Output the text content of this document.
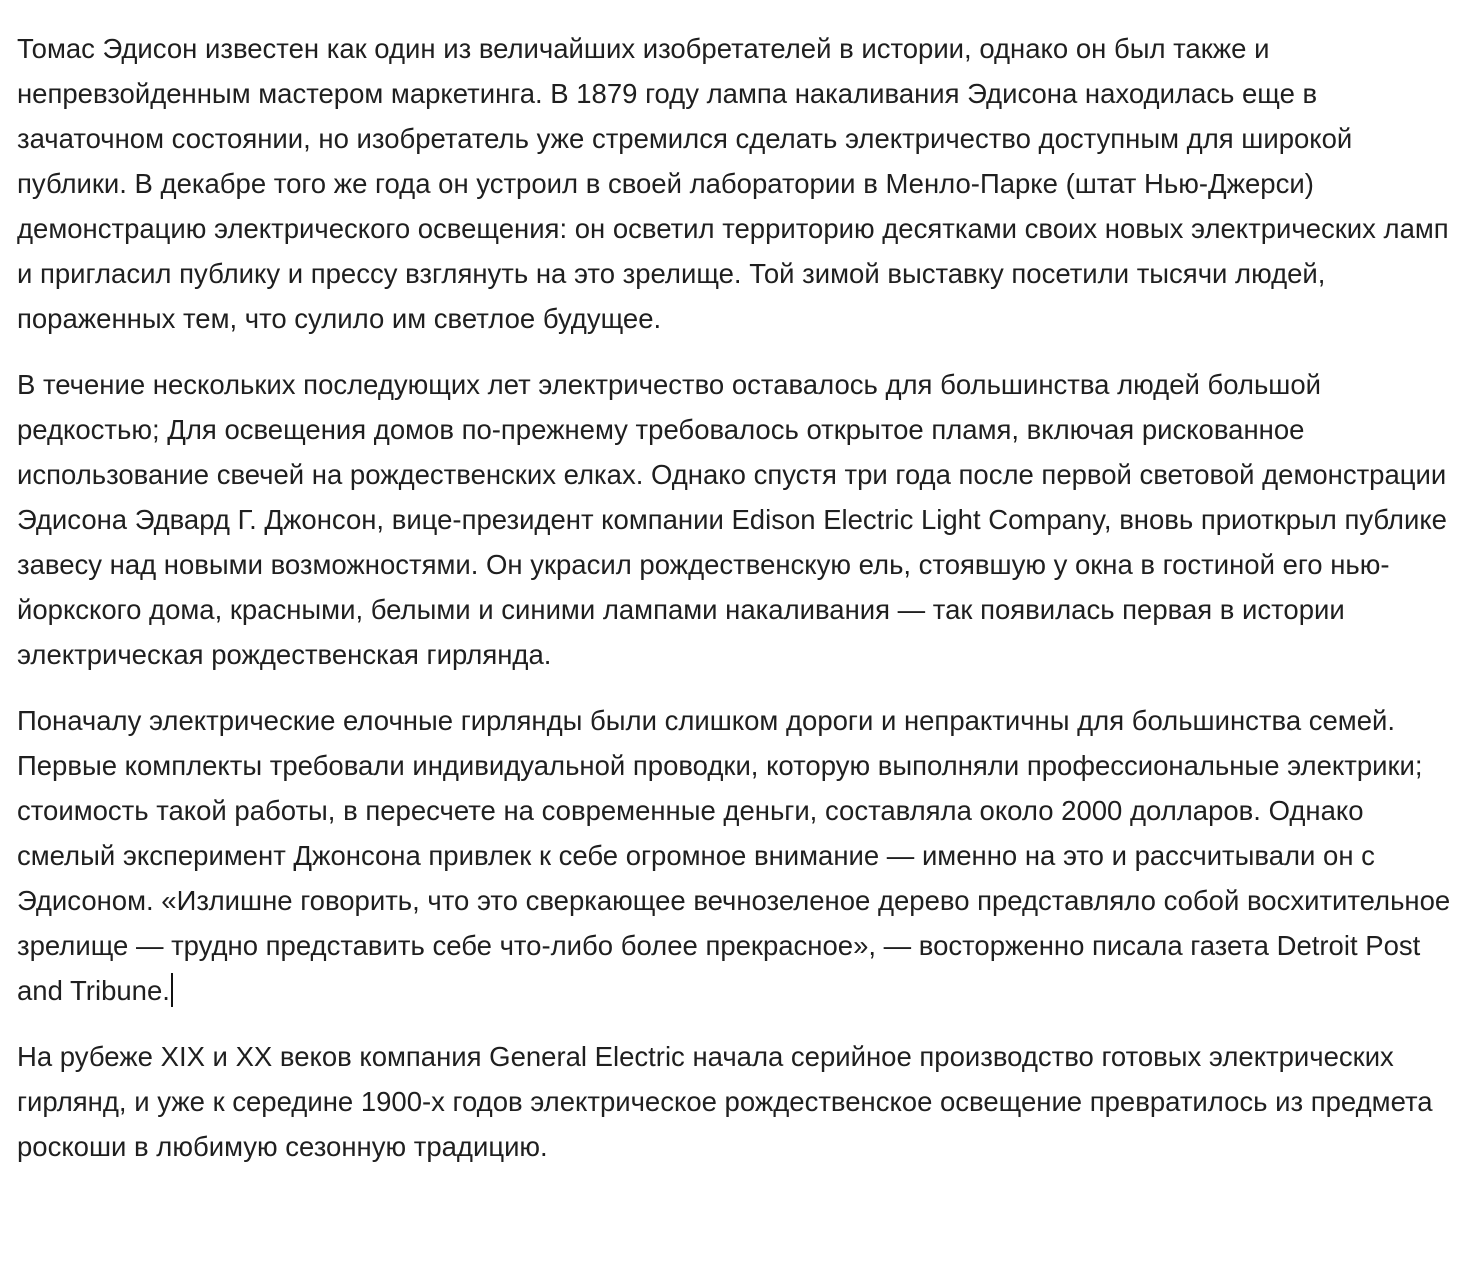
Томас Эдисон известен как один из величайших изобретателей в истории, однако он был также и непревзойденным мастером маркетинга. В 1879 году лампа накаливания Эдисона находилась еще в зачаточном состоянии, но изобретатель уже стремился сделать электричество доступным для широкой публики. В декабре того же года он устроил в своей лаборатории в Менло-Парке (штат Нью-Джерси) демонстрацию электрического освещения: он осветил территорию десятками своих новых электрических ламп и пригласил публику и прессу взглянуть на это зрелище. Той зимой выставку посетили тысячи людей, пораженных тем, что сулило им светлое будущее.

В течение нескольких последующих лет электричество оставалось для большинства людей большой редкостью; Для освещения домов по-прежнему требовалось открытое пламя, включая рискованное использование свечей на рождественских елках. Однако спустя три года после первой световой демонстрации Эдисона Эдвард Г. Джонсон, вице-президент компании Edison Electric Light Company, вновь приоткрыл публике завесу над новыми возможностями. Он украсил рождественскую ель, стоявшую у окна в гостиной его нью-йоркского дома, красными, белыми и синими лампами накаливания — так появилась первая в истории электрическая рождественская гирлянда.

Поначалу электрические елочные гирлянды были слишком дороги и непрактичны для большинства семей. Первые комплекты требовали индивидуальной проводки, которую выполняли профессиональные электрики; стоимость такой работы, в пересчете на современные деньги, составляла около 2000 долларов. Однако смелый эксперимент Джонсона привлек к себе огромное внимание — именно на это и рассчитывали он с Эдисоном. «Излишне говорить, что это сверкающее вечнозеленое дерево представляло собой восхитительное зрелище — трудно представить себе что-либо более прекрасное», — восторженно писала газета Detroit Post and Tribune.

На рубеже XIX и XX веков компания General Electric начала серийное производство готовых электрических гирлянд, и уже к середине 1900-х годов электрическое рождественское освещение превратилось из предмета роскоши в любимую сезонную традицию.
